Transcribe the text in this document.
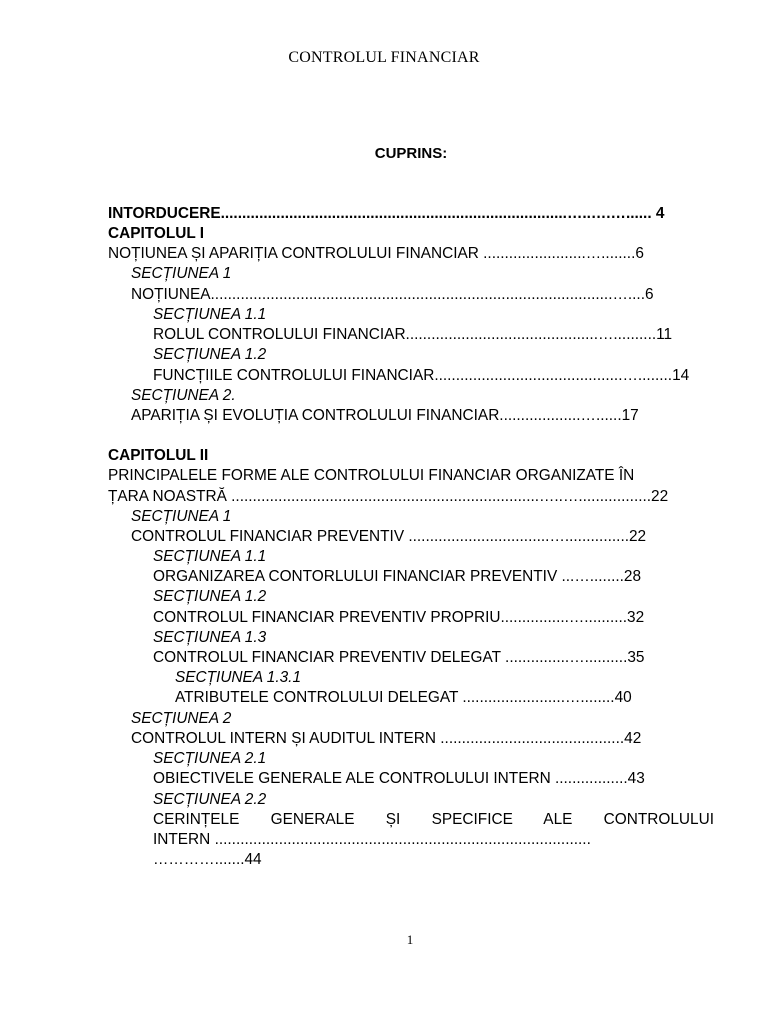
CONTROLUL FINANCIAR
CUPRINS:
INTORDUCERE.................................................................................…..….…...... 4
CAPITOLUL I
NOȚIUNEA ȘI APARIȚIA CONTROLULUI FINANCIAR ........................…........6
SECȚIUNEA 1
NOȚIUNEA..............................................................................................…....6
SECȚIUNEA 1.1
ROLUL CONTROLULUI FINANCIAR.............................................…..........11
SECȚIUNEA 1.2
FUNCȚIILE CONTROLULUI FINANCIAR............................................…........14
SECȚIUNEA 2.
APARIȚIA ȘI EVOLUȚIA CONTROLULUI FINANCIAR...................…......17
CAPITOLUL II
PRINCIPALELE FORME ALE CONTROLULUI FINANCIAR ORGANIZATE ÎN
ȚARA NOASTRĂ ........................................................................…..….................22
SECȚIUNEA 1
CONTROLUL FINANCIAR PREVENTIV .................................…...............22
SECȚIUNEA 1.1
ORGANIZAREA CONTORLULUI FINANCIAR PREVENTIV ...…........28
SECȚIUNEA 1.2
CONTROLUL FINANCIAR PREVENTIV PROPRIU................…..........32
SECȚIUNEA 1.3
CONTROLUL FINANCIAR PREVENTIV DELEGAT ...............…..........35
SECȚIUNEA 1.3.1
ATRIBUTELE CONTROLULUI DELEGAT ........................…........40
SECȚIUNEA 2
CONTROLUL INTERN ȘI AUDITUL INTERN ...........................................42
SECȚIUNEA 2.1
OBIECTIVELE GENERALE ALE CONTROLULUI INTERN .................43
SECȚIUNEA 2.2
CERINȚELE GENERALE ȘI SPECIFICE ALE CONTROLULUI
INTERN ........................................................................................
………….......44
1
